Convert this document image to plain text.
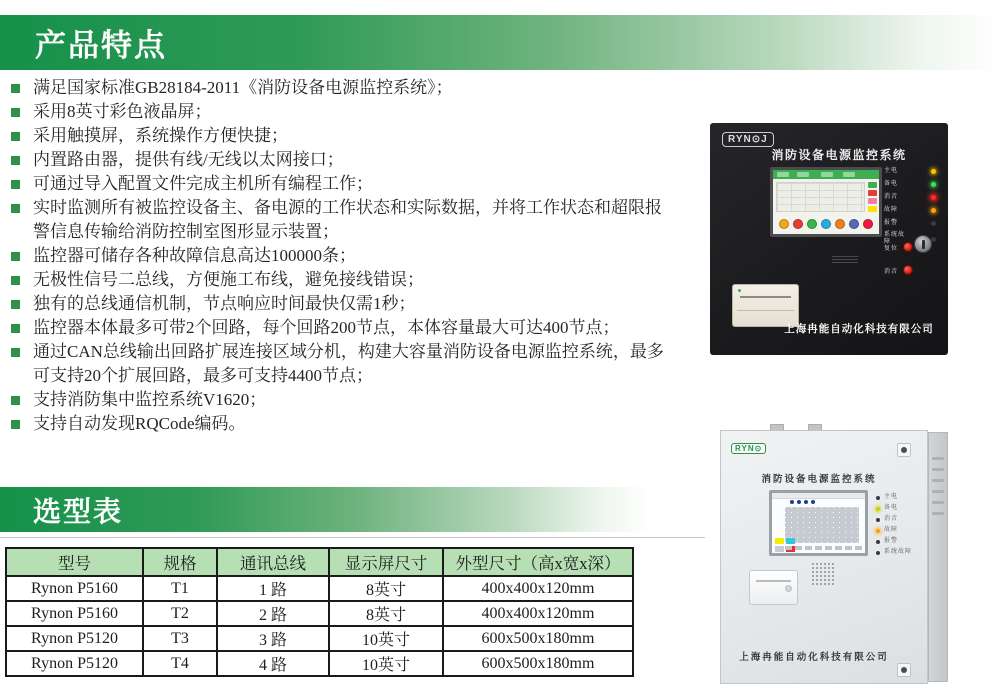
产品特点
满足国家标准GB28184-2011《消防设备电源监控系统》；
采用8英寸彩色液晶屏；
采用触摸屏，系统操作方便快捷；
内置路由器，提供有线/无线以太网接口；
可通过导入配置文件完成主机所有编程工作；
实时监测所有被监控设备主、备电源的工作状态和实际数据，并将工作状态和超限报警信息传输给消防控制室图形显示装置；
监控器可储存各种故障信息高达100000条；
无极性信号二总线，方便施工布线，避免接线错误；
独有的总线通信机制，节点响应时间最快仅需1秒；
监控器本体最多可带2个回路，每个回路200节点，本体容量最大可达400节点；
通过CAN总线输出回路扩展连接区域分机，构建大容量消防设备电源监控系统，最多可支持20个扩展回路，最多可支持4400节点；
支持消防集中监控系统V1620；
支持自动发现RQCode编码。
选型表
型号	规格	通讯总线	显示屏尺寸	外型尺寸（高x宽x深）
Rynon P5160	T1	1 路	8英寸	400x400x120mm
Rynon P5160	T2	2 路	8英寸	400x400x120mm
Rynon P5120	T3	3 路	10英寸	600x500x180mm
Rynon P5120	T4	4 路	10英寸	600x500x180mm
RYN⊙J
消防设备电源监控系统
主电
备电
消音
故障
报警
系统故障
复位
消音
上海冉能自动化科技有限公司
RYN⊙
消防设备电源监控系统
主电
备电
消音
故障
报警
系统故障
上海冉能自动化科技有限公司
